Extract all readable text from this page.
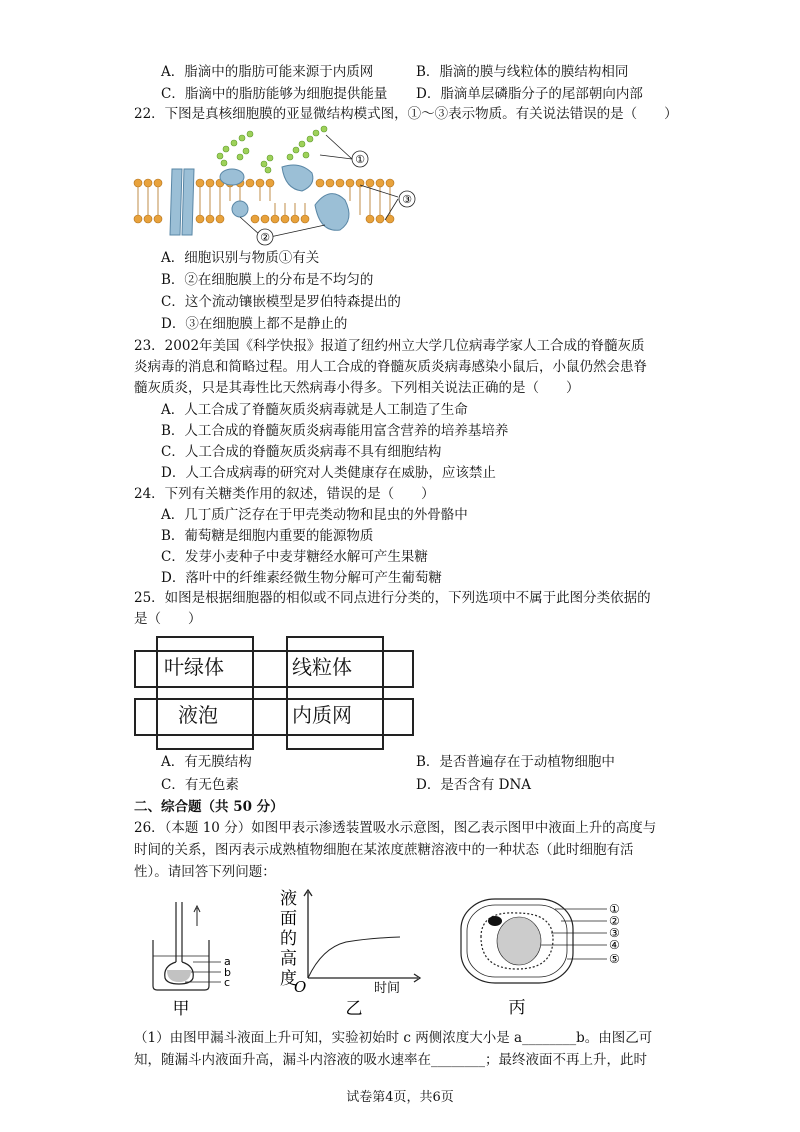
A．脂滴中的脂肪可能来源于内质网	B．脂滴的膜与线粒体的膜结构相同
C．脂滴中的脂肪能够为细胞提供能量 D．脂滴单层磷脂分子的尾部朝向内部
22．下图是真核细胞膜的亚显微结构模式图，①～③表示物质。有关说法错误的是（　　）
①
②
③
A．细胞识别与物质①有关
B．②在细胞膜上的分布是不均匀的
C．这个流动镶嵌模型是罗伯特森提出的
D．③在细胞膜上都不是静止的
23．2002年美国《科学快报》报道了纽约州立大学几位病毒学家人工合成的脊髓灰质
炎病毒的消息和简略过程。用人工合成的脊髓灰质炎病毒感染小鼠后，小鼠仍然会患脊
髓灰质炎，只是其毒性比天然病毒小得多。下列相关说法正确的是（　　）
A．人工合成了脊髓灰质炎病毒就是人工制造了生命
B．人工合成的脊髓灰质炎病毒能用富含营养的培养基培养
C．人工合成的脊髓灰质炎病毒不具有细胞结构
D．人工合成病毒的研究对人类健康存在威胁，应该禁止
24．下列有关糖类作用的叙述，错误的是（　　）
A．几丁质广泛存在于甲壳类动物和昆虫的外骨骼中
B．葡萄糖是细胞内重要的能源物质
C．发芽小麦种子中麦芽糖经水解可产生果糖
D．落叶中的纤维素经微生物分解可产生葡萄糖
25．如图是根据细胞器的相似或不同点进行分类的，下列选项中不属于此图分类依据的
是（　　）
叶绿体	线粒体
液泡	内质网
A．有无膜结构	B．是否普遍存在于动植物细胞中
C．有无色素	D．是否含有 DNA
二、综合题（共 50 分）
26．（本题 10 分）如图甲表示渗透装置吸水示意图，图乙表示图甲中液面上升的高度与
时间的关系，图丙表示成熟植物细胞在某浓度蔗糖溶液中的一种状态（此时细胞有活
性）。请回答下列问题：
a
b
c
甲
液
面
的
高
度
O	时间
乙
①
②
③
④
⑤
丙
（1）由图甲漏斗液面上升可知，实验初始时 c 两侧浓度大小是 a________b。由图乙可
知，随漏斗内液面升高，漏斗内溶液的吸水速率在________；最终液面不再上升，此时
试卷第4页，共6页
